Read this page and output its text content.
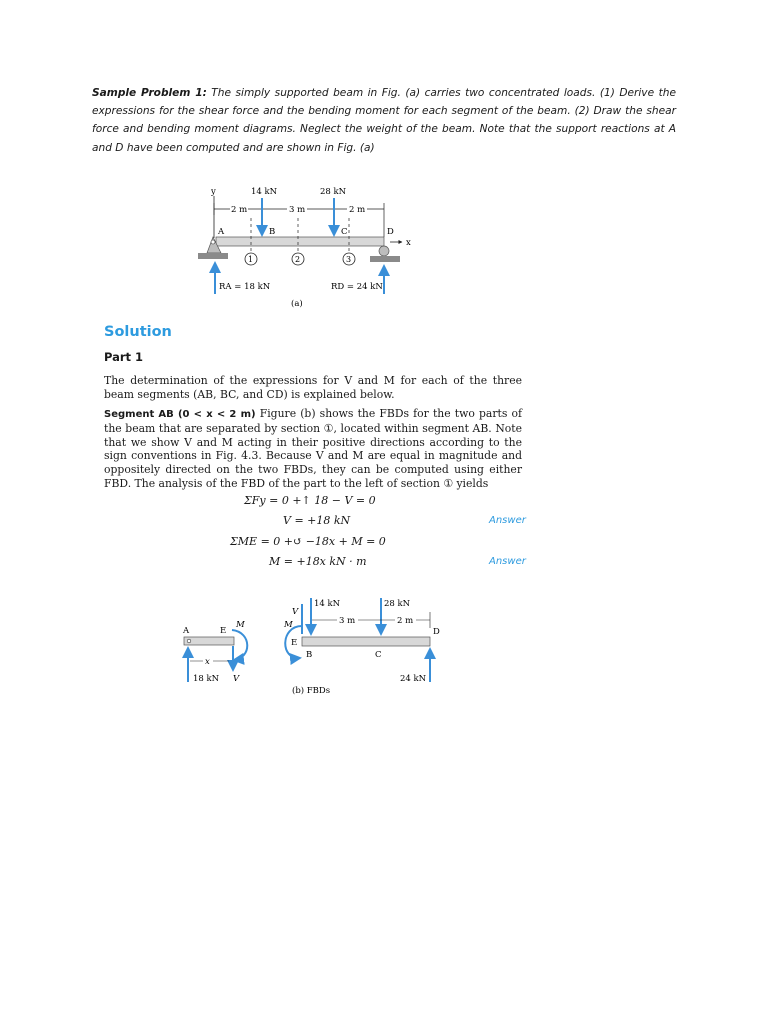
Sample Problem 1: The simply supported beam in Fig. (a) carries two concentrated loads. (1) Derive the expressions for the shear force and the bending moment for each segment of the beam. (2) Draw the shear force and bending moment diagrams. Neglect the weight of the beam. Note that the support reactions at A and D have been computed and are shown in Fig. (a)
y
x
2 m	3 m	2 m
14 kN	28 kN
1	2	3
A	B	C	D
RA = 18 kN	RD = 24 kN
(a)
Solution
Part 1
The determination of the expressions for V and M for each of the three beam segments (AB, BC, and CD) is explained below.
Segment AB (0 < x < 2 m) Figure (b) shows the FBDs for the two parts of the beam that are separated by section ①, located within segment AB. Note that we show V and M acting in their positive directions according to the sign conventions in Fig. 4.3. Because V and M are equal in magnitude and oppositely directed on the two FBDs, they can be computed using either FBD. The analysis of the FBD of the part to the left of section ① yields
ΣFy = 0 +↑ 18 − V = 0
V = +18 kN	Answer
ΣME = 0 +↺ −18x + M = 0
M = +18x kN · m	Answer
A	E
M
V
x
18 kN
V
M
E
B	C
D
14 kN	28 kN
3 m	2 m
24 kN
(b) FBDs
